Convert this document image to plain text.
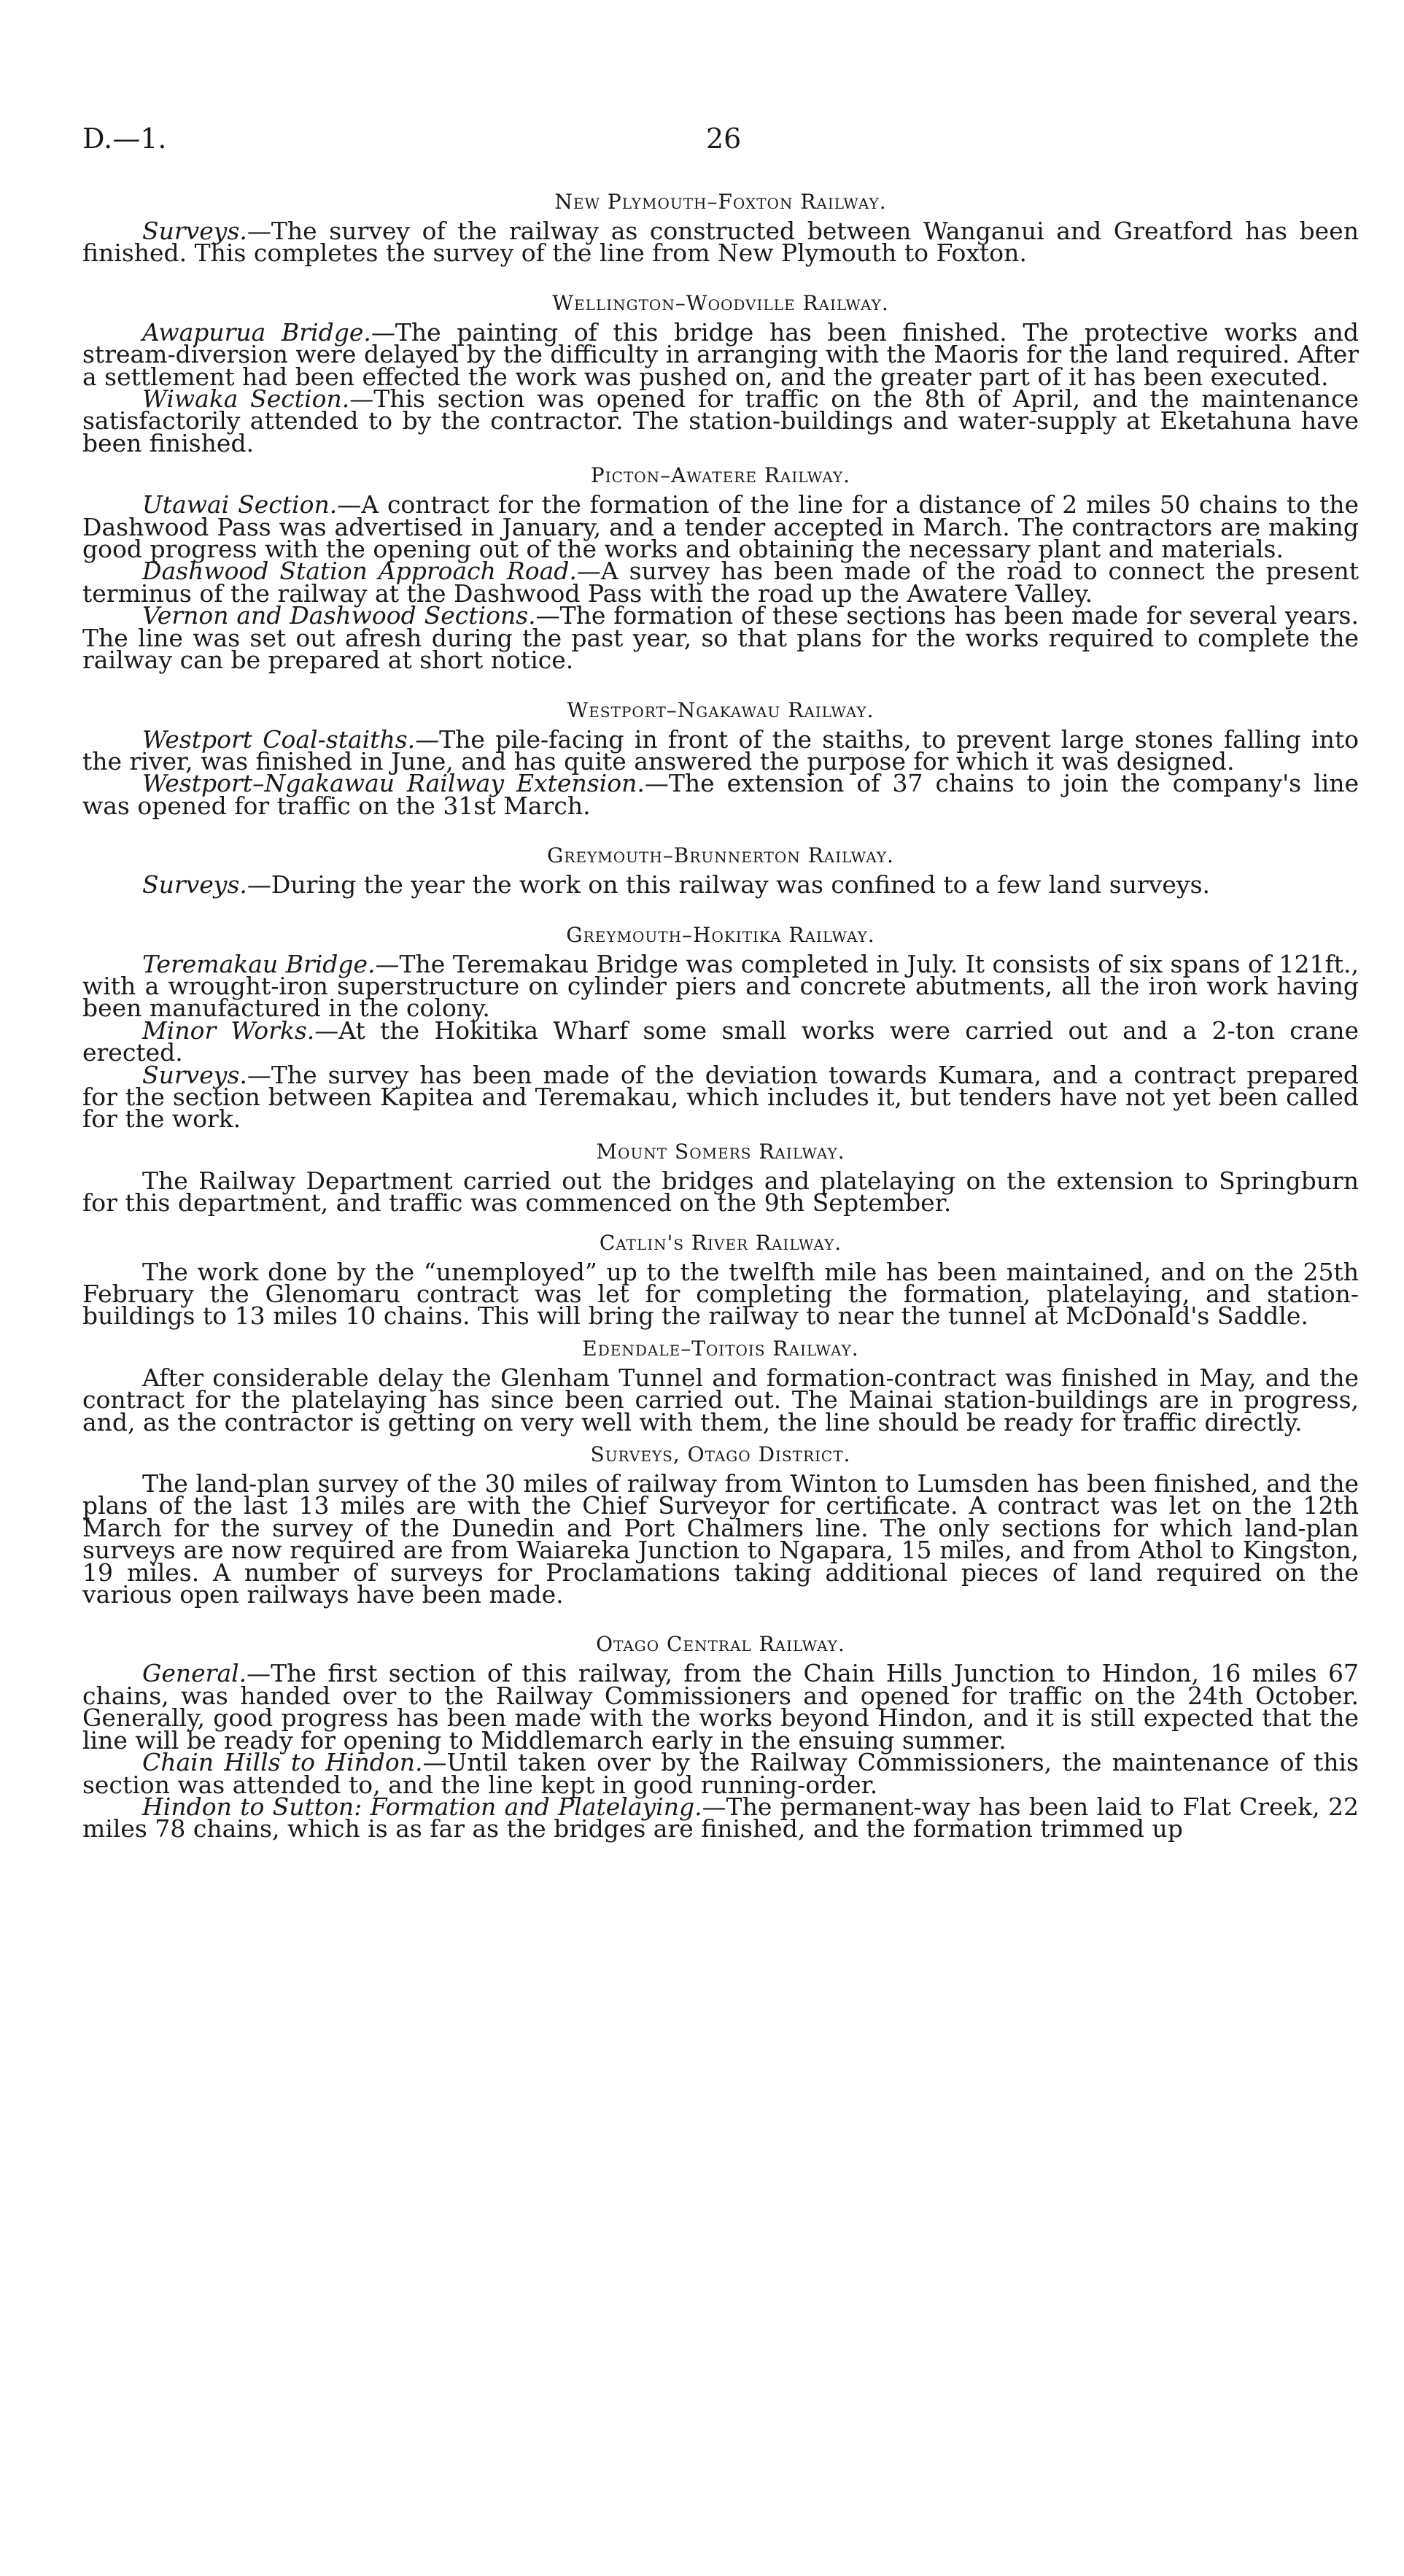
D.—1.	26

New Plymouth–Foxton Railway.

Surveys.—The survey of the railway as constructed between Wanganui and Greatford has been finished. This completes the survey of the line from New Plymouth to Foxton.

Wellington–Woodville Railway.

Awapurua Bridge.—The painting of this bridge has been finished. The protective works and stream-diversion were delayed by the difficulty in arranging with the Maoris for the land required. After a settlement had been effected the work was pushed on, and the greater part of it has been executed.

Wiwaka Section.—This section was opened for traffic on the 8th of April, and the maintenance satisfactorily attended to by the contractor. The station-buildings and water-supply at Eketahuna have been finished.

Picton–Awatere Railway.

Utawai Section.—A contract for the formation of the line for a distance of 2 miles 50 chains to the Dashwood Pass was advertised in January, and a tender accepted in March. The contractors are making good progress with the opening out of the works and obtaining the necessary plant and materials.

Dashwood Station Approach Road.—A survey has been made of the road to connect the present terminus of the railway at the Dashwood Pass with the road up the Awatere Valley.

Vernon and Dashwood Sections.—The formation of these sections has been made for several years. The line was set out afresh during the past year, so that plans for the works required to complete the railway can be prepared at short notice.

Westport–Ngakawau Railway.

Westport Coal-staiths.—The pile-facing in front of the staiths, to prevent large stones falling into the river, was finished in June, and has quite answered the purpose for which it was designed.

Westport–Ngakawau Railway Extension.—The extension of 37 chains to join the company's line was opened for traffic on the 31st March.

Greymouth–Brunnerton Railway.

Surveys.—During the year the work on this railway was confined to a few land surveys.

Greymouth–Hokitika Railway.

Teremakau Bridge.—The Teremakau Bridge was completed in July. It consists of six spans of 121ft., with a wrought-iron superstructure on cylinder piers and concrete abutments, all the iron work having been manufactured in the colony.

Minor Works.—At the Hokitika Wharf some small works were carried out and a 2-ton crane erected.

Surveys.—The survey has been made of the deviation towards Kumara, and a contract prepared for the section between Kapitea and Teremakau, which includes it, but tenders have not yet been called for the work.

Mount Somers Railway.

The Railway Department carried out the bridges and platelaying on the extension to Springburn for this department, and traffic was commenced on the 9th September.

Catlin's River Railway.

The work done by the “unemployed” up to the twelfth mile has been maintained, and on the 25th February the Glenomaru contract was let for completing the formation, platelaying, and station-buildings to 13 miles 10 chains. This will bring the railway to near the tunnel at McDonald's Saddle.

Edendale–Toitois Railway.

After considerable delay the Glenham Tunnel and formation-contract was finished in May, and the contract for the platelaying has since been carried out. The Mainai station-buildings are in progress, and, as the contractor is getting on very well with them, the line should be ready for traffic directly.

Surveys, Otago District.

The land-plan survey of the 30 miles of railway from Winton to Lumsden has been finished, and the plans of the last 13 miles are with the Chief Surveyor for certificate. A contract was let on the 12th March for the survey of the Dunedin and Port Chalmers line. The only sections for which land-plan surveys are now required are from Waiareka Junction to Ngapara, 15 miles, and from Athol to Kingston, 19 miles. A number of surveys for Proclamations taking additional pieces of land required on the various open railways have been made.

Otago Central Railway.

General.—The first section of this railway, from the Chain Hills Junction to Hindon, 16 miles 67 chains, was handed over to the Railway Commissioners and opened for traffic on the 24th October. Generally, good progress has been made with the works beyond Hindon, and it is still expected that the line will be ready for opening to Middlemarch early in the ensuing summer.

Chain Hills to Hindon.—Until taken over by the Railway Commissioners, the maintenance of this section was attended to, and the line kept in good running-order.

Hindon to Sutton: Formation and Platelaying.—The permanent-way has been laid to Flat Creek, 22 miles 78 chains, which is as far as the bridges are finished, and the formation trimmed up
